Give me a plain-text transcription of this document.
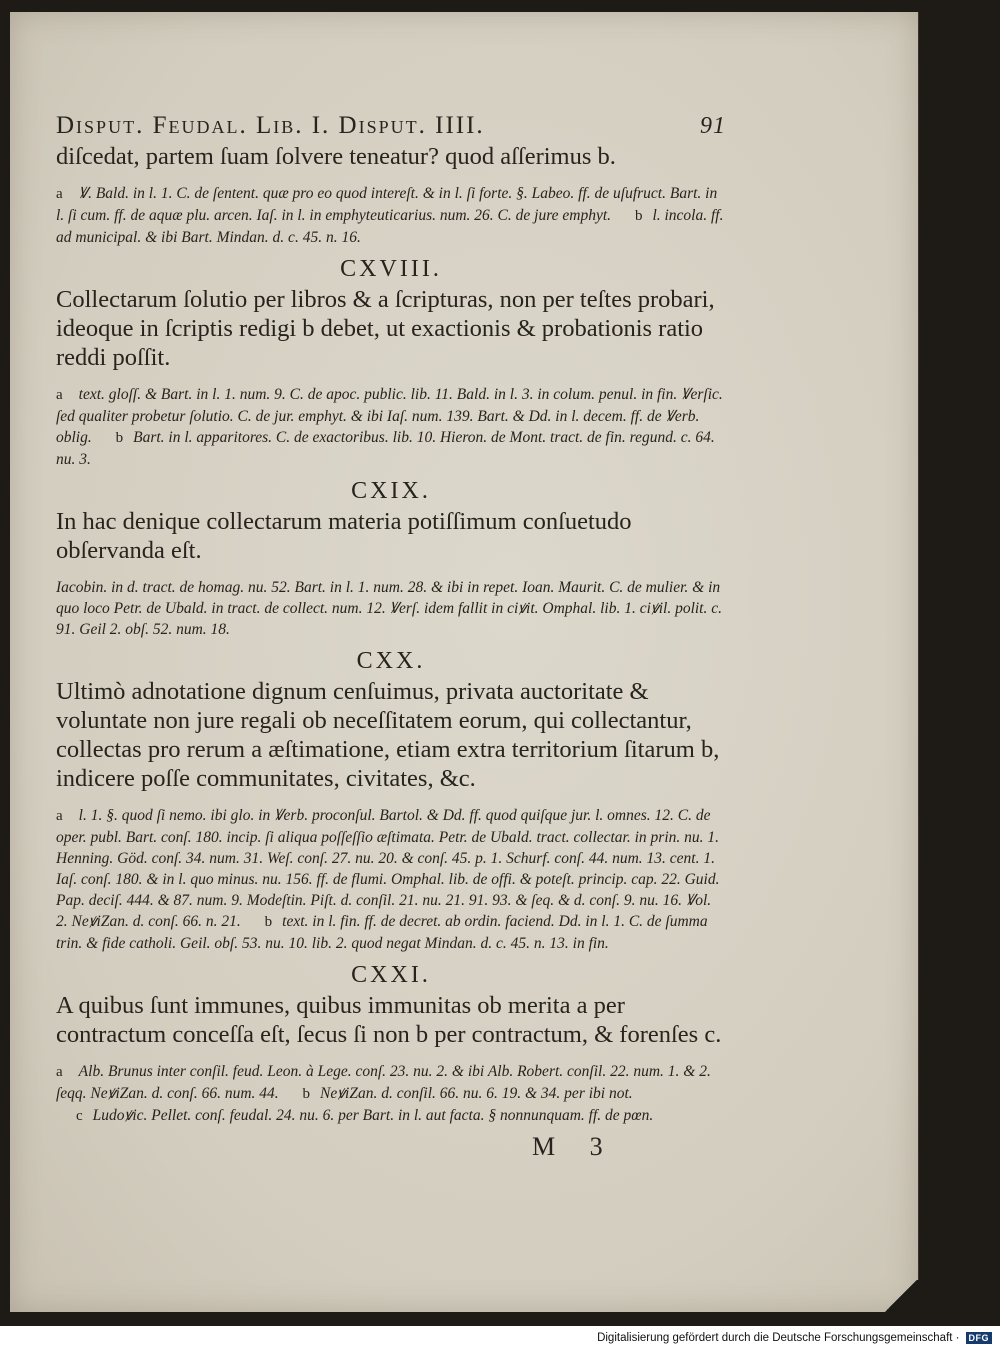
Disput. Feudal. Lib. I. Disput. IIII.	91

diſcedat, partem ſuam ſolvere teneatur? quod aſſerimus b.

a Ꝟ. Bald. in l. 1. C. de ſentent. quæ pro eo quod intereſt. & in l. ſi forte. §. Labeo. ff. de uſufruct. Bart. in l. ſi cum. ff. de aquæ plu. arcen. Iaſ. in l. in emphyteuticarius. num. 26. C. de jure emphyt. b l. incola. ff. ad municipal. & ibi Bart. Mindan. d. c. 45. n. 16.

CXVIII.

Collectarum ſolutio per libros & a ſcripturas, non per teſtes probari, ideoque in ſcriptis redigi b debet, ut exactionis & probationis ratio reddi poſſit.

a text. gloſſ. & Bart. in l. 1. num. 9. C. de apoc. public. lib. 11. Bald. in l. 3. in colum. penul. in fin. Ꝟerſic. ſed qualiter probetur ſolutio. C. de jur. emphyt. & ibi Iaſ. num. 139. Bart. & Dd. in l. decem. ff. de Ꝟerb. oblig. b Bart. in l. apparitores. C. de exactoribus. lib. 10. Hieron. de Mont. tract. de fin. regund. c. 64. nu. 3.

CXIX.

In hac denique collectarum materia potiſſimum conſuetudo obſervanda eſt.

Iacobin. in d. tract. de homag. nu. 52. Bart. in l. 1. num. 28. & ibi in repet. Ioan. Maurit. C. de mulier. & in quo loco Petr. de Ubald. in tract. de collect. num. 12. Ꝟerſ. idem fallit in ciꝟit. Omphal. lib. 1. ciꝟil. polit. c. 91. Geil 2. obſ. 52. num. 18.

CXX.

Ultimò adnotatione dignum cenſuimus, privata auctoritate & voluntate non jure regali ob neceſſitatem eorum, qui collectantur, collectas pro rerum a æſtimatione, etiam extra territorium ſitarum b, indicere poſſe communitates, civitates, &c.

a l. 1. §. quod ſi nemo. ibi glo. in Ꝟerb. proconſul. Bartol. & Dd. ff. quod quiſque jur. l. omnes. 12. C. de oper. publ. Bart. conſ. 180. incip. ſi aliqua poſſeſſio æſtimata. Petr. de Ubald. tract. collectar. in prin. nu. 1. Henning. Göd. conſ. 34. num. 31. Weſ. conſ. 27. nu. 20. & conſ. 45. p. 1. Schurf. conſ. 44. num. 13. cent. 1. Iaſ. conſ. 180. & in l. quo minus. nu. 156. ff. de flumi. Omphal. lib. de offi. & poteſt. princip. cap. 22. Guid. Pap. deciſ. 444. & 87. num. 9. Modeſtin. Piſt. d. conſil. 21. nu. 21. 91. 93. & ſeq. & d. conſ. 9. nu. 16. Ꝟol. 2. NeꝟiZan. d. conſ. 66. n. 21. b text. in l. fin. ff. de decret. ab ordin. faciend. Dd. in l. 1. C. de ſumma trin. & fide catholi. Geil. obſ. 53. nu. 10. lib. 2. quod negat Mindan. d. c. 45. n. 13. in fin.

CXXI.

A quibus ſunt immunes, quibus immunitas ob merita a per contractum conceſſa eſt, ſecus ſi non b per contractum, & forenſes c.

a Alb. Brunus inter conſil. feud. Leon. à Lege. conſ. 23. nu. 2. & ibi Alb. Robert. conſil. 22. num. 1. & 2. ſeqq. NeꝟiZan. d. conſ. 66. num. 44. b NeꝟiZan. d. conſil. 66. nu. 6. 19. & 34. per ibi not. c Ludoꝟic. Pellet. conſ. feudal. 24. nu. 6. per Bart. in l. aut facta. § nonnunquam. ff. de pœn.

M 3
Digitalisierung gefördert durch die Deutsche Forschungsgemeinschaft ·	DFG
